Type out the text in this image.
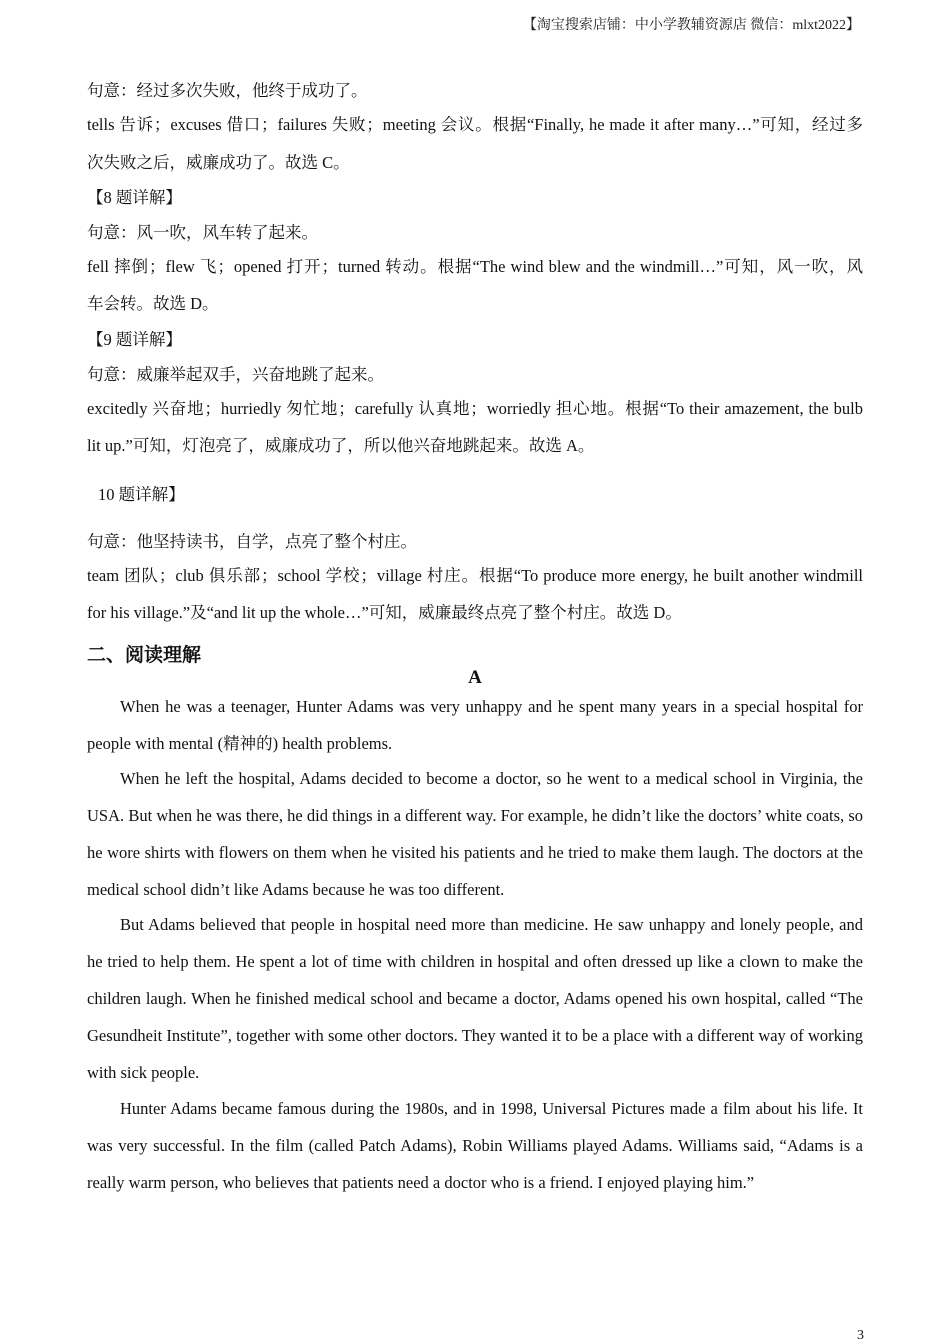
【淘宝搜索店铺：中小学教辅资源店 微信：mlxt2022】
句意：经过多次失败，他终于成功了。
tells 告诉；excuses 借口；failures 失败；meeting 会议。根据“Finally, he made it after many…”可知，经过多
次失败之后，威廉成功了。故选 C。
【8 题详解】
句意：风一吹，风车转了起来。
fell 摔倒；flew 飞；opened 打开；turned 转动。根据“The wind blew and the windmill…”可知，风一吹，风
车会转。故选 D。
【9 题详解】
句意：威廉举起双手，兴奋地跳了起来。
excitedly 兴奋地；hurriedly 匆忙地；carefully 认真地；worriedly 担心地。根据“To their amazement, the bulb
lit up.”可知，灯泡亮了，威廉成功了，所以他兴奋地跳起来。故选 A。
10 题详解】
句意：他坚持读书，自学，点亮了整个村庄。
team 团队；club 俱乐部；school 学校；village 村庄。根据“To produce more energy, he built another windmill
for his village.”及“and lit up the whole…”可知，威廉最终点亮了整个村庄。故选 D。
二、阅读理解
A

When he was a teenager, Hunter Adams was very unhappy and he spent many years in a special hospital for people with mental (精神的) health problems.

When he left the hospital, Adams decided to become a doctor, so he went to a medical school in Virginia, the USA. But when he was there, he did things in a different way. For example, he didn’t like the doctors’ white coats, so he wore shirts with flowers on them when he visited his patients and he tried to make them laugh. The doctors at the medical school didn’t like Adams because he was too different.

But Adams believed that people in hospital need more than medicine. He saw unhappy and lonely people, and he tried to help them. He spent a lot of time with children in hospital and often dressed up like a clown to make the children laugh. When he finished medical school and became a doctor, Adams opened his own hospital, called “The Gesundheit Institute”, together with some other doctors. They wanted it to be a place with a different way of working with sick people.

Hunter Adams became famous during the 1980s, and in 1998, Universal Pictures made a film about his life. It was very successful. In the film (called Patch Adams), Robin Williams played Adams. Williams said, “Adams is a really warm person, who believes that patients need a doctor who is a friend. I enjoyed playing him.”

3
